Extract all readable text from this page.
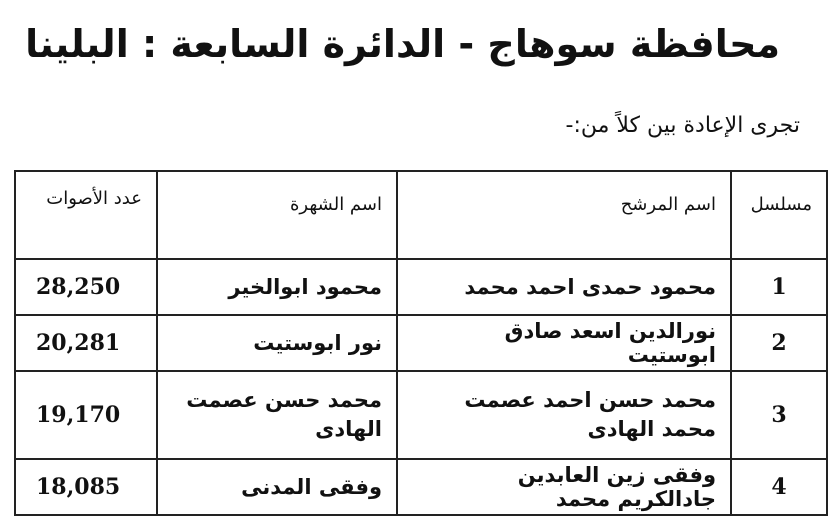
محافظة سوهاج - الدائرة السابعة : البلينا
تجرى الإعادة بين كلاً من:-
مسلسل	اسم المرشح	اسم الشهرة	عدد الأصوات
1	محمود حمدى احمد محمد	محمود ابوالخير	28,250
2	نورالدين اسعد صادق ابوستيت	نور ابوستيت	20,281
3	محمد حسن احمد عصمت محمد الهادى	محمد حسن عصمت الهادى	19,170
4	وفقى زين العابدين جادالكريم محمد	وفقى المدنى	18,085
